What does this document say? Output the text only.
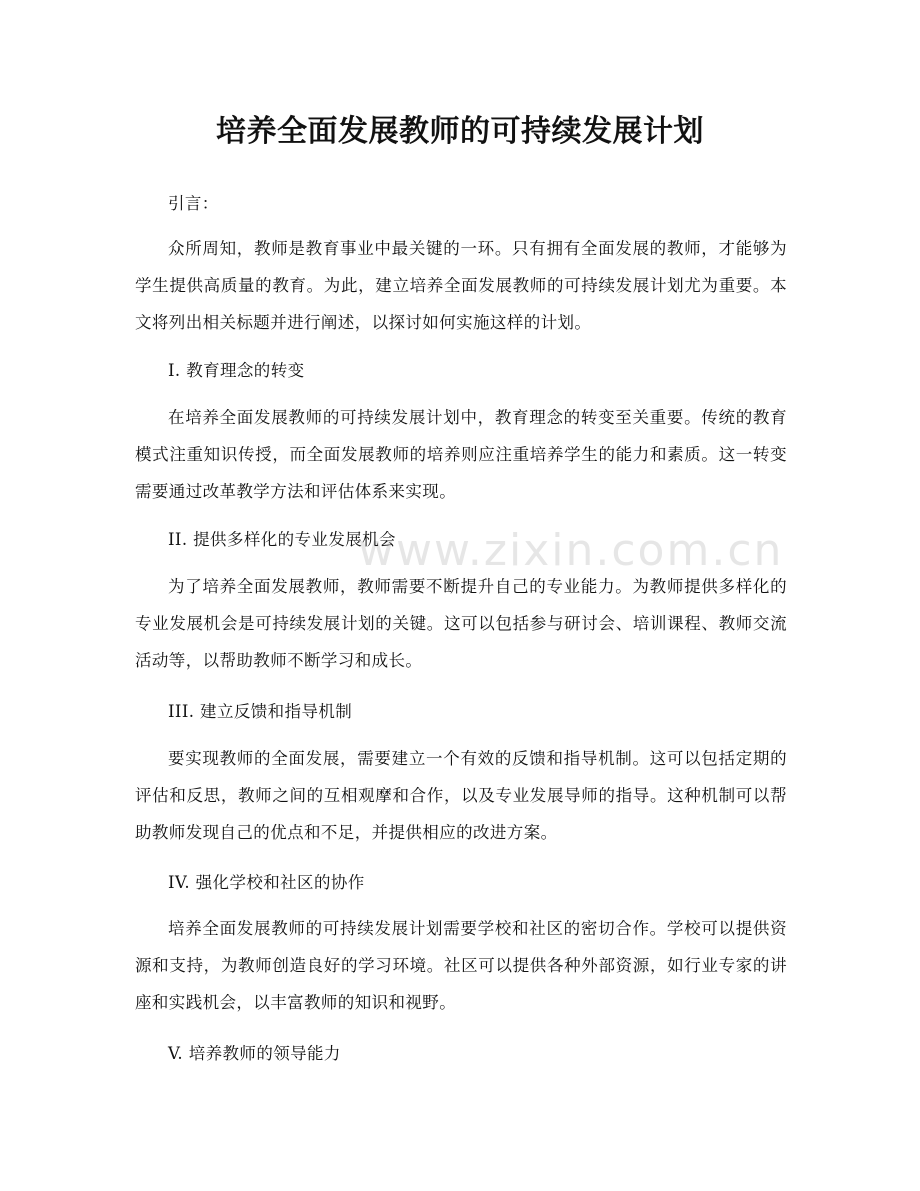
www.zixin.com.cn
培养全面发展教师的可持续发展计划

引言：

众所周知，教师是教育事业中最关键的一环。只有拥有全面发展的教师，才能够为学生提供高质量的教育。为此，建立培养全面发展教师的可持续发展计划尤为重要。本文将列出相关标题并进行阐述，以探讨如何实施这样的计划。

I. 教育理念的转变

在培养全面发展教师的可持续发展计划中，教育理念的转变至关重要。传统的教育模式注重知识传授，而全面发展教师的培养则应注重培养学生的能力和素质。这一转变需要通过改革教学方法和评估体系来实现。

II. 提供多样化的专业发展机会

为了培养全面发展教师，教师需要不断提升自己的专业能力。为教师提供多样化的专业发展机会是可持续发展计划的关键。这可以包括参与研讨会、培训课程、教师交流活动等，以帮助教师不断学习和成长。

III. 建立反馈和指导机制

要实现教师的全面发展，需要建立一个有效的反馈和指导机制。这可以包括定期的评估和反思，教师之间的互相观摩和合作，以及专业发展导师的指导。这种机制可以帮助教师发现自己的优点和不足，并提供相应的改进方案。

IV. 强化学校和社区的协作

培养全面发展教师的可持续发展计划需要学校和社区的密切合作。学校可以提供资源和支持，为教师创造良好的学习环境。社区可以提供各种外部资源，如行业专家的讲座和实践机会，以丰富教师的知识和视野。

V. 培养教师的领导能力
